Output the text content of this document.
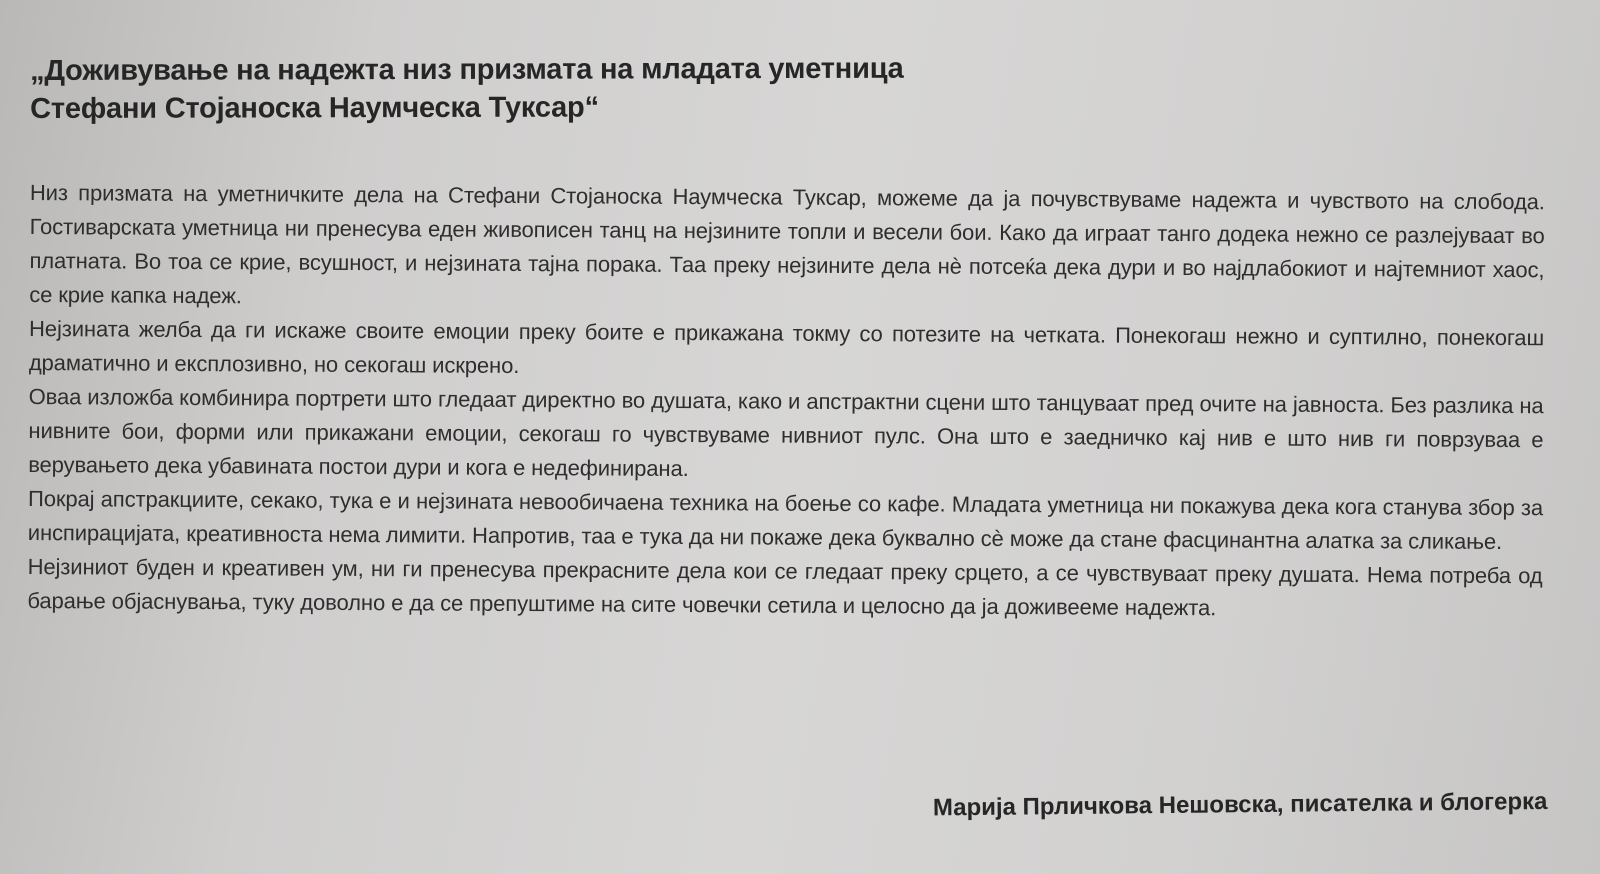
„Доживување на надежта низ призмата на младата уметница
Стефани Стојаноска Наумческа Туксар“

Низ призмата на уметничките дела на Стефани Стојаноска Наумческа Туксар, можеме да ја почувствуваме надежта и чувството на слобода. Гостиварската уметница ни пренесува еден живописен танц на нејзините топли и весели бои. Како да играат танго додека нежно се разлејуваат во платната. Во тоа се крие, всушност, и нејзината тајна порака. Таа преку нејзините дела нè потсеќа дека дури и во најдлабокиот и најтемниот хаос, се крие капка надеж.

Нејзината желба да ги искаже своите емоции преку боите е прикажана токму со потезите на четката. Понекогаш нежно и суптилно, понекогаш драматично и експлозивно, но секогаш искрено.

Оваа изложба комбинира портрети што гледаат директно во душата, како и апстрактни сцени што танцуваат пред очите на јавноста. Без разлика на нивните бои, форми или прикажани емоции, секогаш го чувствуваме нивниот пулс. Она што е заедничко кај нив е што нив ги поврзуваа е верувањето дека убавината постои дури и кога е недефинирана.

Покрај апстракциите, секако, тука е и нејзината невообичаена техника на боење со кафе. Младата уметница ни покажува дека кога станува збор за инспирацијата, креативноста нема лимити. Напротив, таа е тука да ни покаже дека буквално сè може да стане фасцинантна алатка за сликање.

Нејзиниот буден и креативен ум, ни ги пренесува прекрасните дела кои се гледаат преку срцето, а се чувствуваат преку душата. Нема потреба од барање објаснувања, туку доволно е да се препуштиме на сите човечки сетила и целосно да ја доживееме надежта.

Марија Прличкова Нешовска, писателка и блогерка
